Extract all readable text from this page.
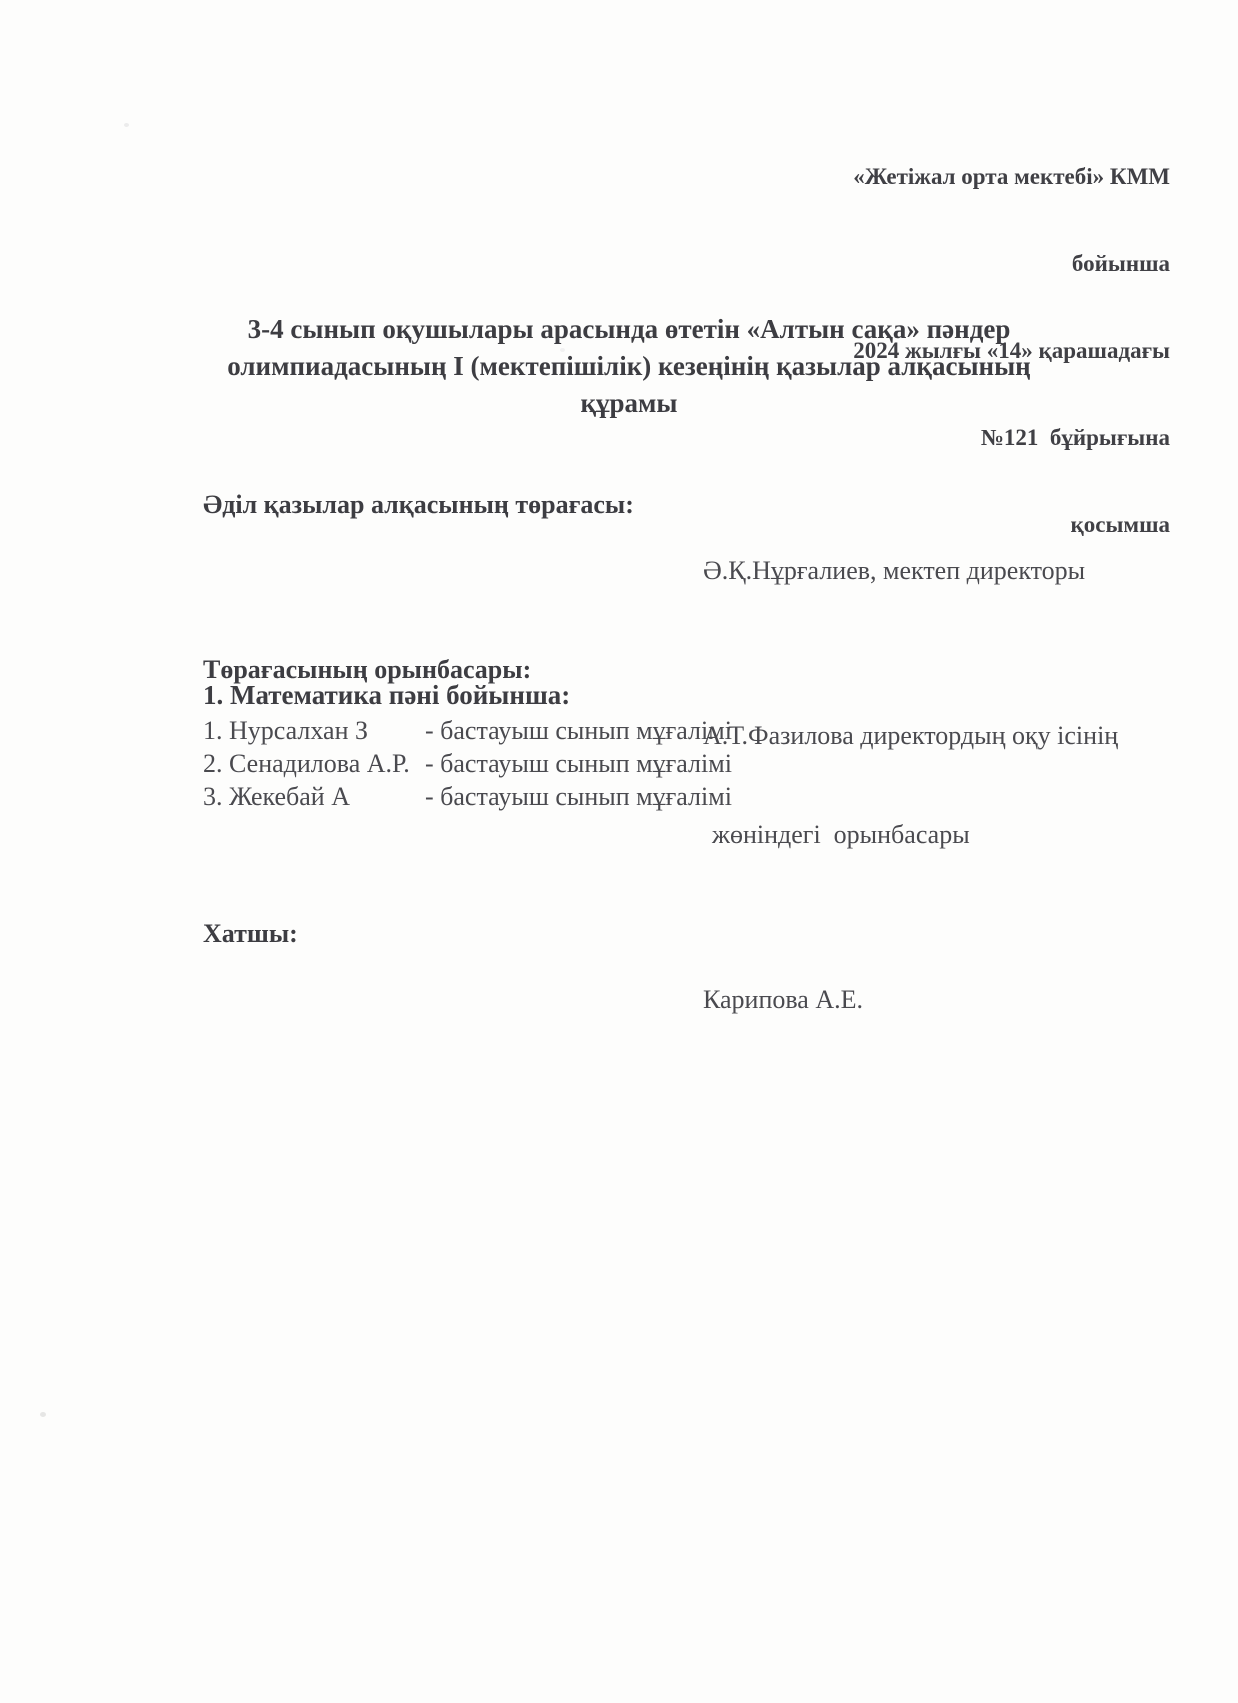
«Жетіжал орта мектебі» КММ

бойынша

2024 жылғы «14» қарашадағы

№121  бұйрығына

қосымша

3-4 сынып оқушылары арасында өтетін «Алтын сақа» пәндер
олимпиадасының I (мектепішілік) кезеңінің қазылар алқасының
құрамы
Әділ қазылар алқасының төрағасы:

Ә.Қ.Нұрғалиев, мектеп директоры

Төрағасының орынбасары:

А.Т.Фазилова директордың оқу ісінің

жөніндегі  орынбасары

Хатшы:

Карипова А.Е.

1. Математика пәні бойынша:
1. Нурсалхан З	- бастауыш сынып мұғалімі
2. Сенадилова А.Р. - бастауыш сынып мұғалімі
3. Жекебай А	- бастауыш сынып мұғалімі
